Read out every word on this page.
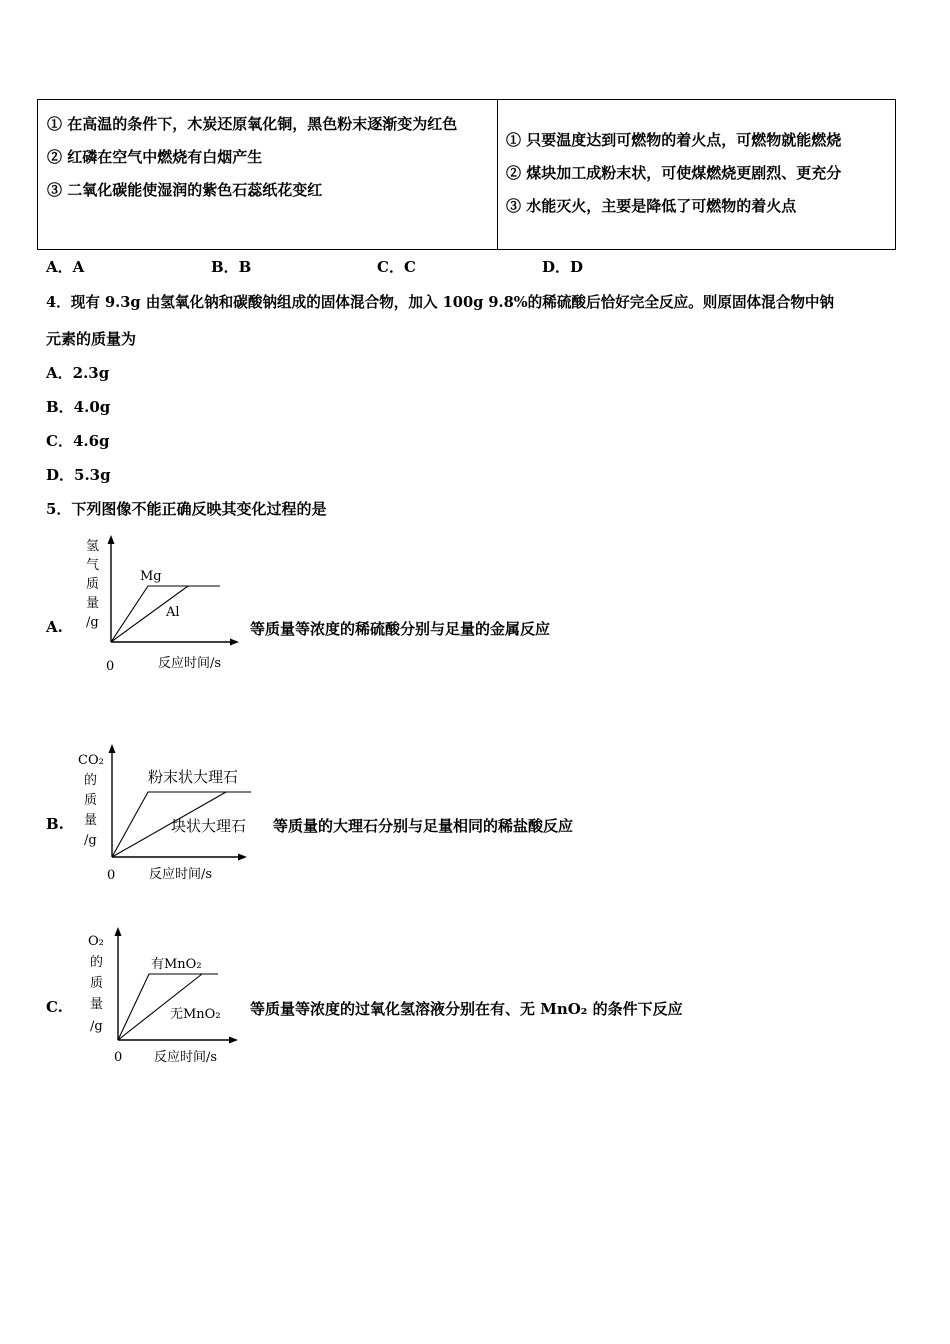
① 在高温的条件下，木炭还原氧化铜，黑色粉末逐渐变为红色
② 红磷在空气中燃烧有白烟产生
③ 二氧化碳能使湿润的紫色石蕊纸花变红
① 只要温度达到可燃物的着火点，可燃物就能燃烧
② 煤块加工成粉末状，可使煤燃烧更剧烈、更充分
③ 水能灭火，主要是降低了可燃物的着火点
A．A	B．B	C．C	D．D
4．现有 9.3g 由氢氧化钠和碳酸钠组成的固体混合物，加入 100g 9.8%的稀硫酸后恰好完全反应。则原固体混合物中钠
元素的质量为
A．2.3g
B．4.0g
C．4.6g
D．5.3g
5．下列图像不能正确反映其变化过程的是
A.	等质量等浓度的稀硫酸分别与足量的金属反应
氢
气
质
量
/g
Mg
Al
0	反应时间/s
B.	等质量的大理石分别与足量相同的稀盐酸反应
CO₂
的
质
量
/g
粉末状大理石
块状大理石
0	反应时间/s
C.	等质量等浓度的过氧化氢溶液分别在有、无 MnO₂ 的条件下反应
O₂
的
质
量
/g
有MnO₂
无MnO₂
0 反应时间/s
